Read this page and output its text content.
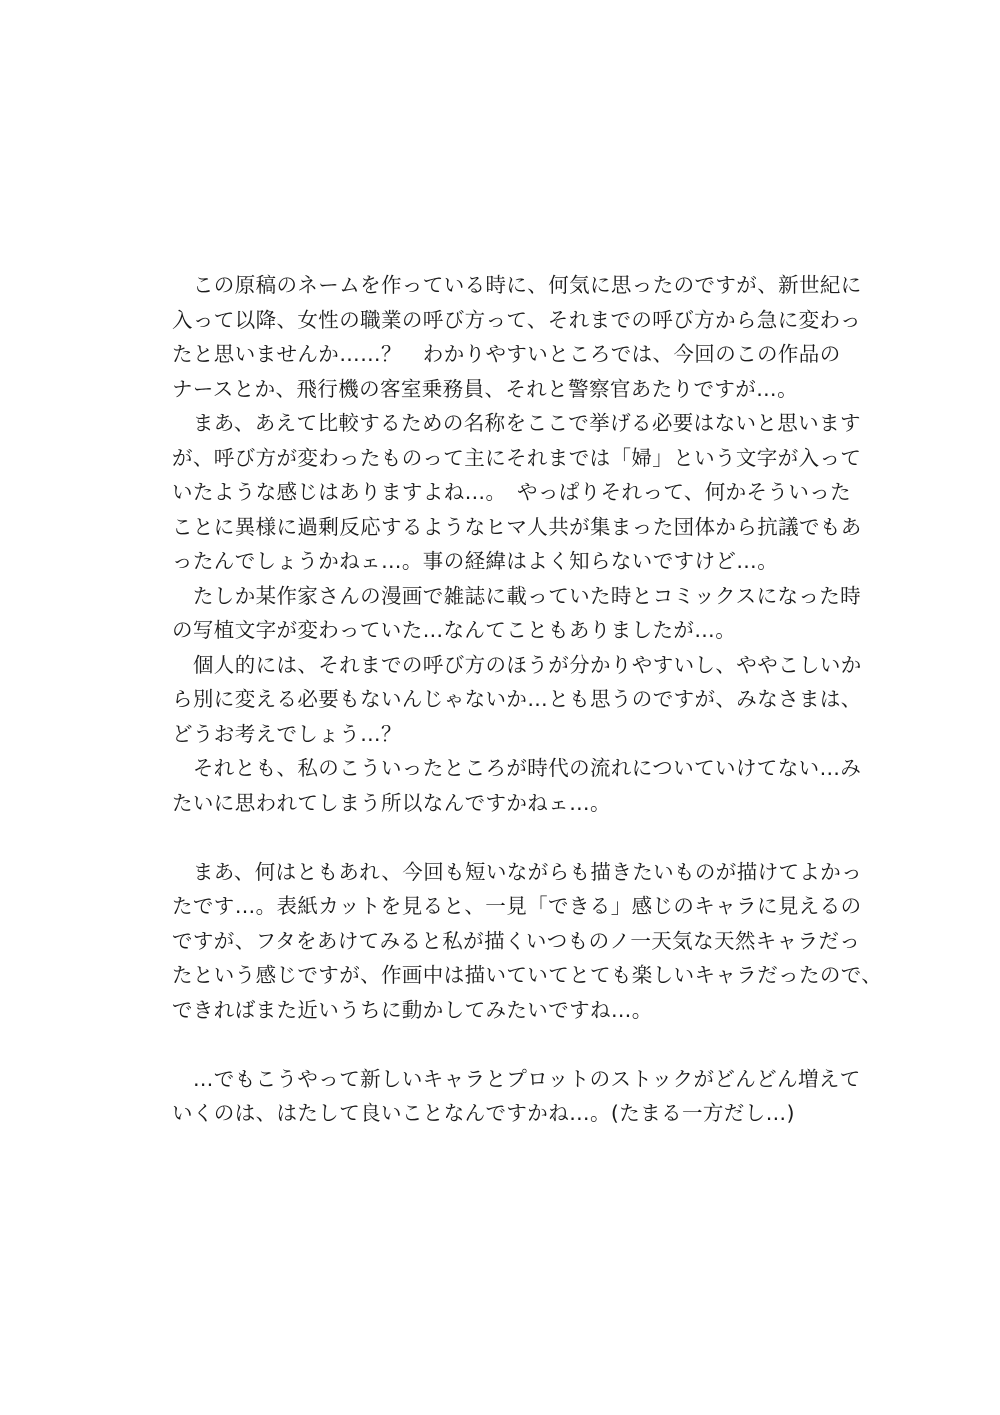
　この原稿のネームを作っている時に、何気に思ったのですが、新世紀に
入って以降、女性の職業の呼び方って、それまでの呼び方から急に変わっ
たと思いませんか……？　わかりやすいところでは、今回のこの作品の
ナースとか、飛行機の客室乗務員、それと警察官あたりですが…。
　まあ、あえて比較するための名称をここで挙げる必要はないと思います
が、呼び方が変わったものって主にそれまでは「婦」という文字が入って
いたような感じはありますよね…。　やっぱりそれって、何かそういった
ことに異様に過剰反応するようなヒマ人共が集まった団体から抗議でもあ
ったんでしょうかねェ…。事の経緯はよく知らないですけど…。
　たしか某作家さんの漫画で雑誌に載っていた時とコミックスになった時
の写植文字が変わっていた…なんてこともありましたが…。
　個人的には、それまでの呼び方のほうが分かりやすいし、ややこしいか
ら別に変える必要もないんじゃないか…とも思うのですが、みなさまは、
どうお考えでしょう…？
　それとも、私のこういったところが時代の流れについていけてない…み
たいに思われてしまう所以なんですかねェ…。
　まあ、何はともあれ、今回も短いながらも描きたいものが描けてよかっ
たです…。表紙カットを見ると、一見「できる」感じのキャラに見えるの
ですが、フタをあけてみると私が描くいつものノ一天気な天然キャラだっ
たという感じですが、作画中は描いていてとても楽しいキャラだったので、
できればまた近いうちに動かしてみたいですね…。
　…でもこうやって新しいキャラとプロットのストックがどんどん増えて
いくのは、はたして良いことなんですかね…。(たまる一方だし…)
